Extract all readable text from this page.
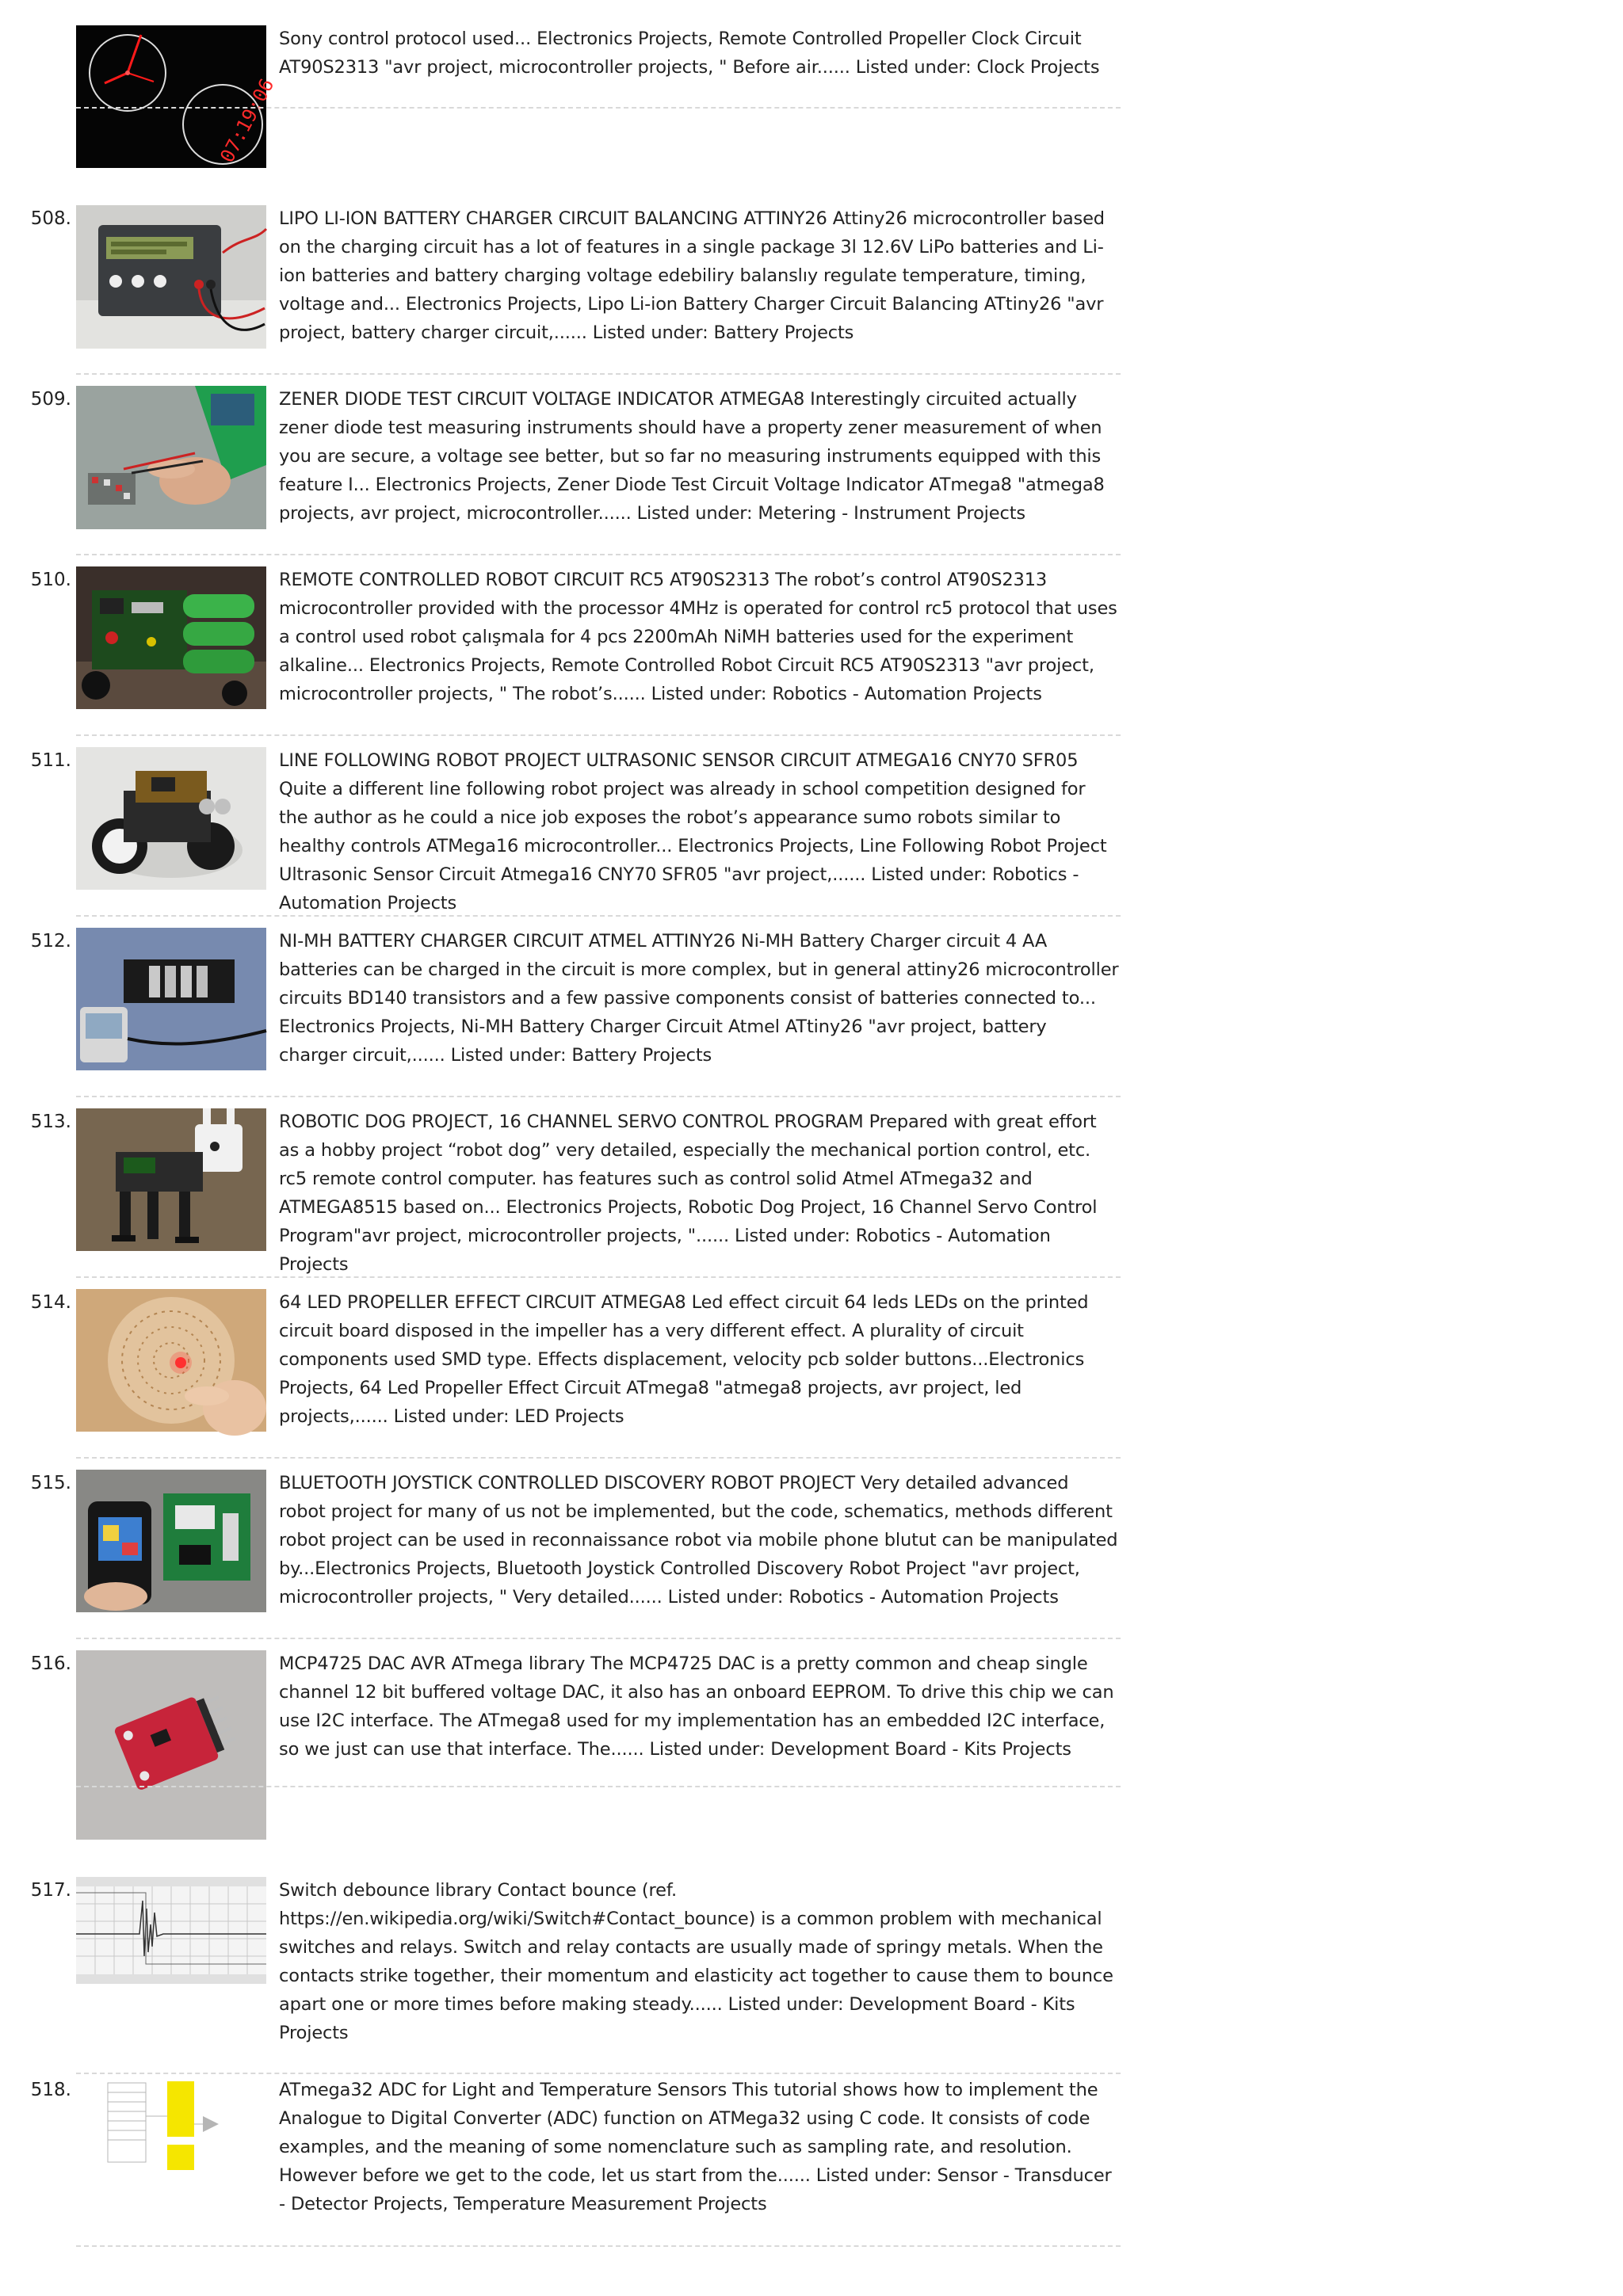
07:19:06

Sony control protocol used... Electronics Projects, Remote Controlled Propeller Clock Circuit AT90S2313 "avr project, microcontroller projects, " Before air...... Listed under: Clock Projects

508.	LIPO LI-ION BATTERY CHARGER CIRCUIT BALANCING ATTINY26 Attiny26 microcontroller based on the charging circuit has a lot of features in a single package 3l 12.6V LiPo batteries and Li-ion batteries and battery charging voltage edebiliry balanslıy regulate temperature, timing, voltage and... Electronics Projects, Lipo Li-ion Battery Charger Circuit Balancing ATtiny26 "avr project, battery charger circuit,...... Listed under: Battery Projects

509.	ZENER DIODE TEST CIRCUIT VOLTAGE INDICATOR ATMEGA8 Interestingly circuited actually zener diode test measuring instruments should have a property zener measurement of when you are secure, a voltage see better, but so far no measuring instruments equipped with this feature I... Electronics Projects, Zener Diode Test Circuit Voltage Indicator ATmega8 "atmega8 projects, avr project, microcontroller...... Listed under: Metering - Instrument Projects

510.	REMOTE CONTROLLED ROBOT CIRCUIT RC5 AT90S2313 The robot’s control AT90S2313 microcontroller provided with the processor 4MHz is operated for control rc5 protocol that uses a control used robot çalışmala for 4 pcs 2200mAh NiMH batteries used for the experiment alkaline... Electronics Projects, Remote Controlled Robot Circuit RC5 AT90S2313 "avr project, microcontroller projects, " The robot’s...... Listed under: Robotics - Automation Projects

511.	LINE FOLLOWING ROBOT PROJECT ULTRASONIC SENSOR CIRCUIT ATMEGA16 CNY70 SFR05 Quite a different line following robot project was already in school competition designed for the author as he could a nice job exposes the robot’s appearance sumo robots similar to healthy controls ATMega16 microcontroller... Electronics Projects, Line Following Robot Project Ultrasonic Sensor Circuit Atmega16 CNY70 SFR05 "avr project,...... Listed under: Robotics - Automation Projects

512.	NI-MH BATTERY CHARGER CIRCUIT ATMEL ATTINY26 Ni-MH Battery Charger circuit 4 AA batteries can be charged in the circuit is more complex, but in general attiny26 microcontroller circuits BD140 transistors and a few passive components consist of batteries connected to... Electronics Projects, Ni-MH Battery Charger Circuit Atmel ATtiny26 "avr project, battery charger circuit,...... Listed under: Battery Projects

513.	ROBOTIC DOG PROJECT, 16 CHANNEL SERVO CONTROL PROGRAM Prepared with great effort as a hobby project “robot dog” very detailed, especially the mechanical portion control, etc. rc5 remote control computer. has features such as control solid Atmel ATmega32 and ATMEGA8515 based on... Electronics Projects, Robotic Dog Project, 16 Channel Servo Control Program"avr project, microcontroller projects, "...... Listed under: Robotics - Automation Projects

514.	64 LED PROPELLER EFFECT CIRCUIT ATMEGA8 Led effect circuit 64 leds LEDs on the printed circuit board disposed in the impeller has a very different effect. A plurality of circuit components used SMD type. Effects displacement, velocity pcb solder buttons...Electronics Projects, 64 Led Propeller Effect Circuit ATmega8 "atmega8 projects, avr project, led projects,...... Listed under: LED Projects

515.	BLUETOOTH JOYSTICK CONTROLLED DISCOVERY ROBOT PROJECT Very detailed advanced robot project for many of us not be implemented, but the code, schematics, methods different robot project can be used in reconnaissance robot via mobile phone blutut can be manipulated by...Electronics Projects, Bluetooth Joystick Controlled Discovery Robot Project "avr project, microcontroller projects, " Very detailed...... Listed under: Robotics - Automation Projects

516.	MCP4725 DAC AVR ATmega library The MCP4725 DAC is a pretty common and cheap single channel 12 bit buffered voltage DAC, it also has an onboard EEPROM. To drive this chip we can use I2C interface. The ATmega8 used for my implementation has an embedded I2C interface, so we just can use that interface. The...... Listed under: Development Board - Kits Projects

517.	Switch debounce library Contact bounce (ref. https://en.wikipedia.org/wiki/Switch#Contact_bounce) is a common problem with mechanical switches and relays. Switch and relay contacts are usually made of springy metals. When the contacts strike together, their momentum and elasticity act together to cause them to bounce apart one or more times before making steady...... Listed under: Development Board - Kits Projects

518.	ATmega32 ADC for Light and Temperature Sensors This tutorial shows how to implement the Analogue to Digital Converter (ADC) function on ATMega32 using C code. It consists of code examples, and the meaning of some nomenclature such as sampling rate, and resolution. However before we get to the code, let us start from the...... Listed under: Sensor - Transducer - Detector Projects, Temperature Measurement Projects
